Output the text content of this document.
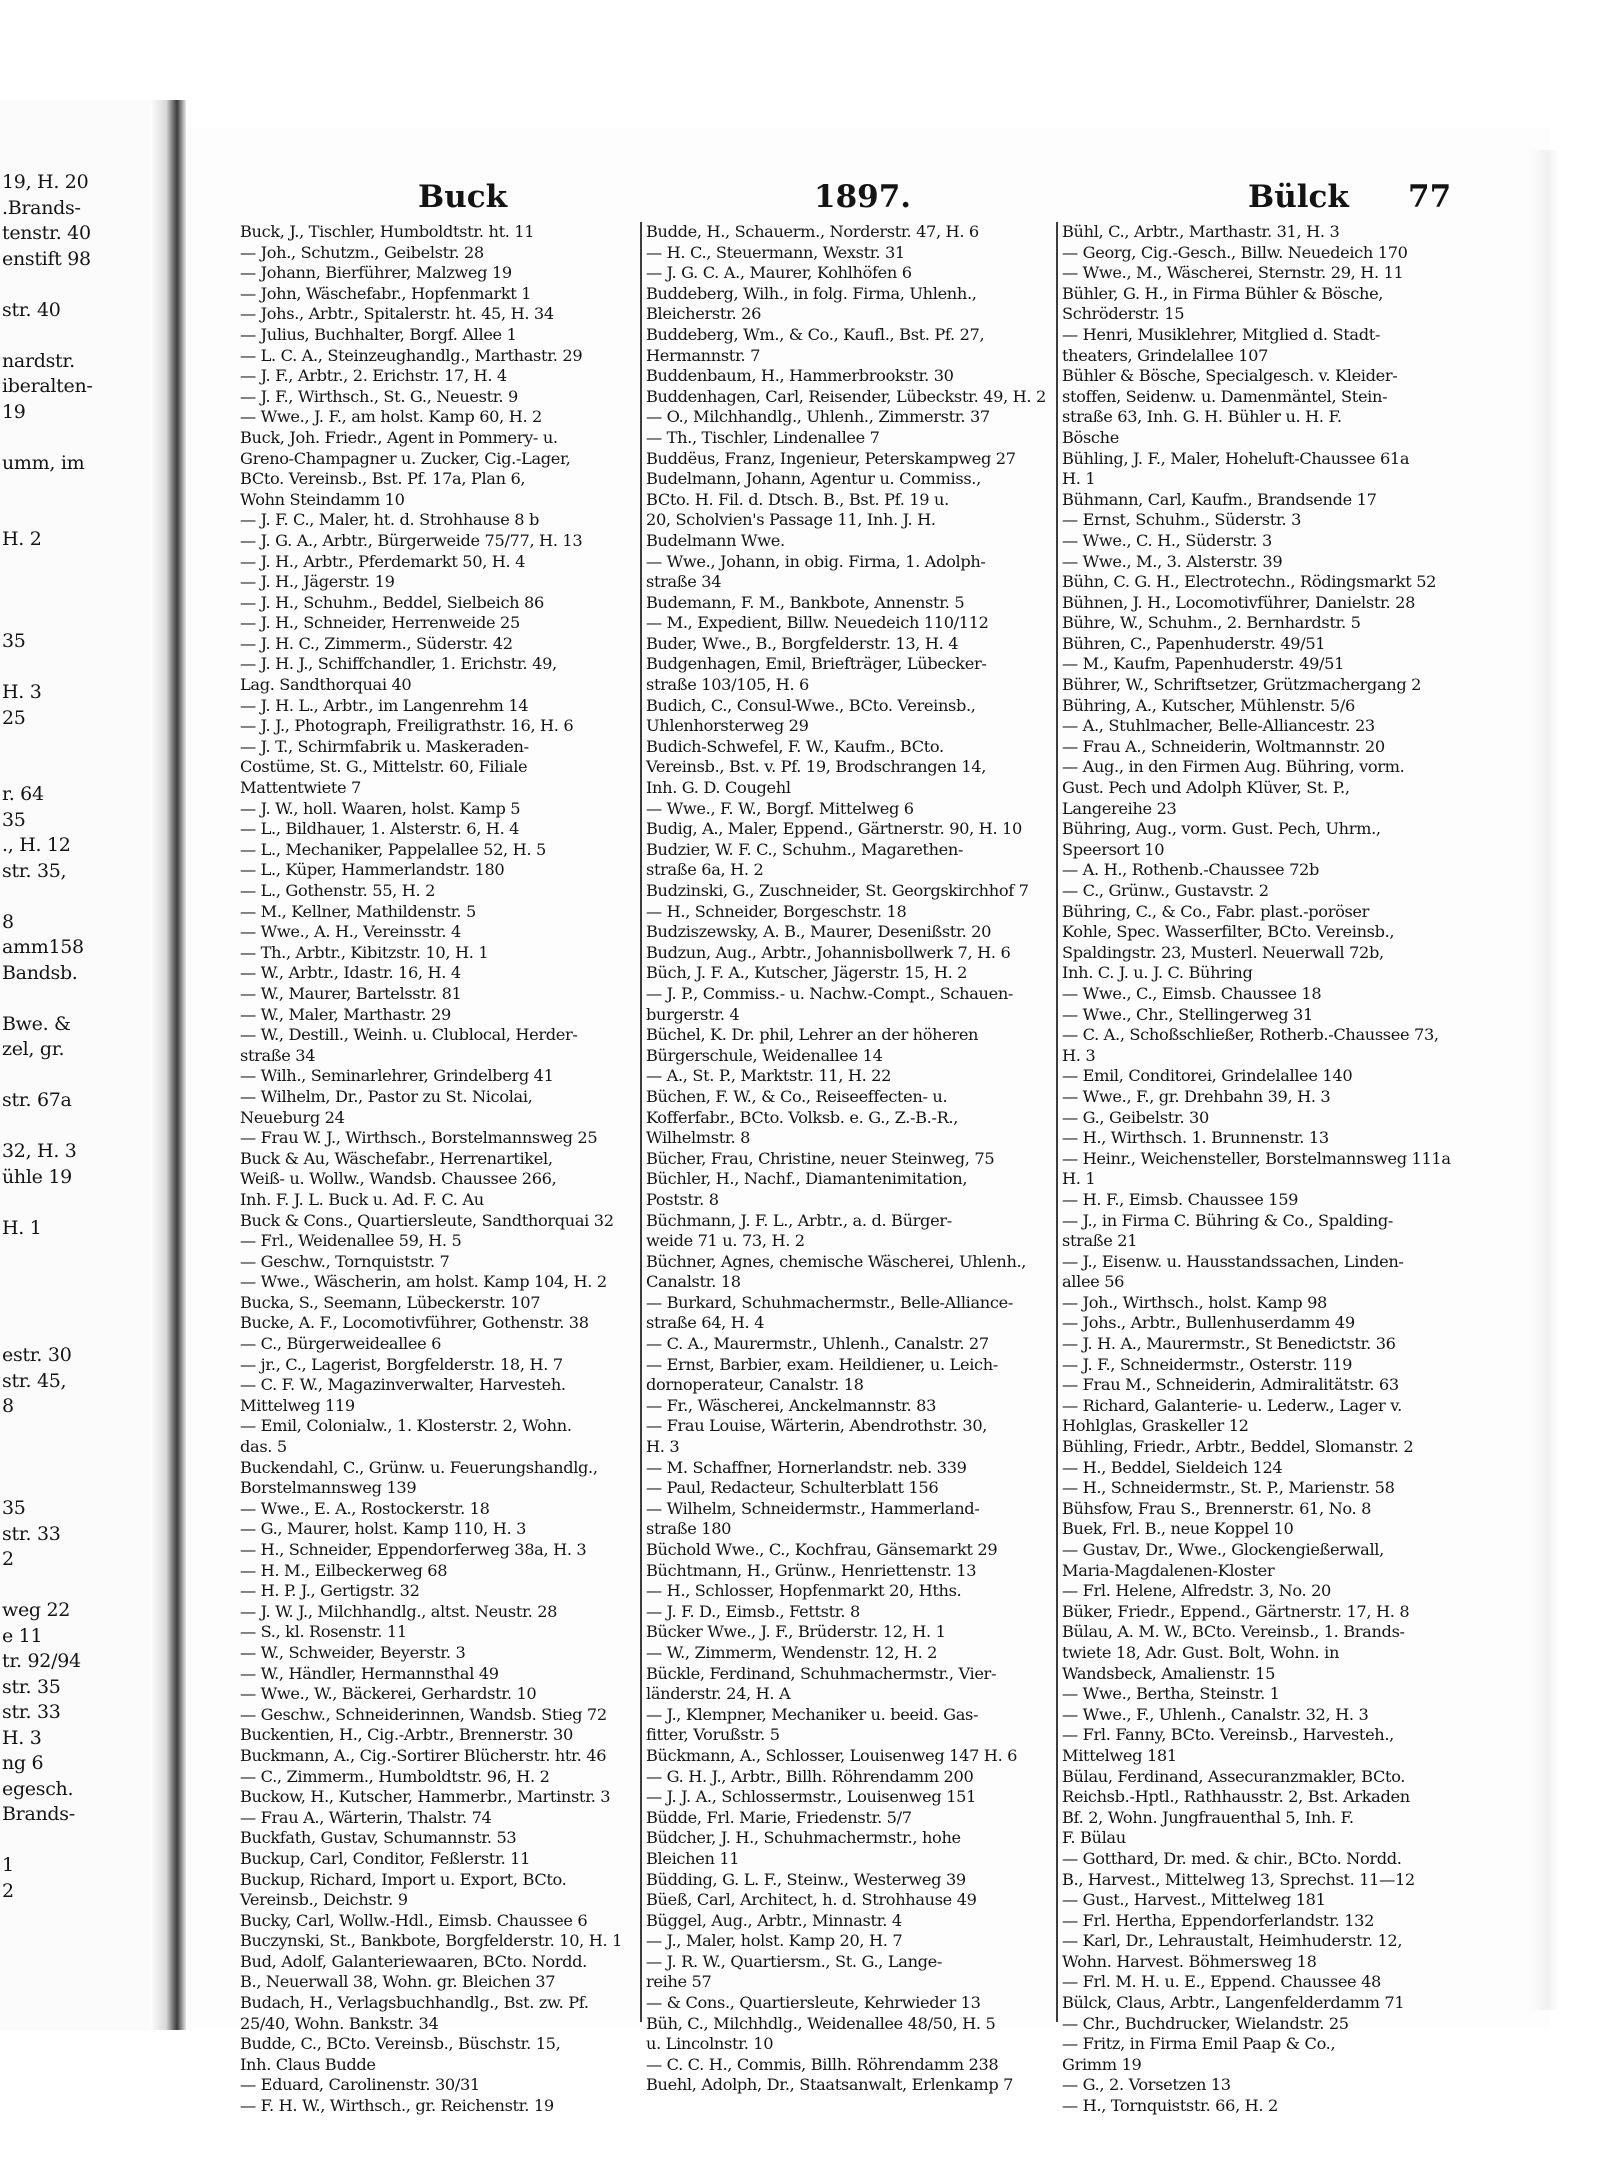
19, H. 20
.Brands-
tenstr. 40
enstift 98
str. 40
nardstr.
iberalten-
19
umm, im
H. 2
35
H. 3
25
r. 64
35
., H. 12
str. 35,
8
amm158
Bandsb.
Bwe. &
zel, gr.
str. 67a
32, H. 3
ühle 19
H. 1
estr. 30
str. 45,
8
35
str. 33
2
weg 22
e 11
tr. 92/94
str. 35
str. 33
H. 3
ng 6
egesch.
Brands-
1
2
Buck	1897.	Bülck 77
Buck, J., Tischler, Humboldtstr. ht. 11
— Joh., Schutzm., Geibelstr. 28
— Johann, Bierführer, Malzweg 19
— John, Wäschefabr., Hopfenmarkt 1
— Johs., Arbtr., Spitalerstr. ht. 45, H. 34
— Julius, Buchhalter, Borgf. Allee 1
— L. C. A., Steinzeughandlg., Marthastr. 29
— J. F., Arbtr., 2. Erichstr. 17, H. 4
— J. F., Wirthsch., St. G., Neuestr. 9
— Wwe., J. F., am holst. Kamp 60, H. 2
Buck, Joh. Friedr., Agent in Pommery- u.
Greno-Champagner u. Zucker, Cig.-Lager,
BCto. Vereinsb., Bst. Pf. 17a, Plan 6,
Wohn Steindamm 10
— J. F. C., Maler, ht. d. Strohhause 8 b
— J. G. A., Arbtr., Bürgerweide 75/77, H. 13
— J. H., Arbtr., Pferdemarkt 50, H. 4
— J. H., Jägerstr. 19
— J. H., Schuhm., Beddel, Sielbeich 86
— J. H., Schneider, Herrenweide 25
— J. H. C., Zimmerm., Süderstr. 42
— J. H. J., Schiffchandler, 1. Erichstr. 49,
Lag. Sandthorquai 40
— J. H. L., Arbtr., im Langenrehm 14
— J. J., Photograph, Freiligrathstr. 16, H. 6
— J. T., Schirmfabrik u. Maskeraden-
Costüme, St. G., Mittelstr. 60, Filiale
Mattentwiete 7
— J. W., holl. Waaren, holst. Kamp 5
— L., Bildhauer, 1. Alsterstr. 6, H. 4
— L., Mechaniker, Pappelallee 52, H. 5
— L., Küper, Hammerlandstr. 180
— L., Gothenstr. 55, H. 2
— M., Kellner, Mathildenstr. 5
— Wwe., A. H., Vereinsstr. 4
— Th., Arbtr., Kibitzstr. 10, H. 1
— W., Arbtr., Idastr. 16, H. 4
— W., Maurer, Bartelsstr. 81
— W., Maler, Marthastr. 29
— W., Destill., Weinh. u. Clublocal, Herder-
straße 34
— Wilh., Seminarlehrer, Grindelberg 41
— Wilhelm, Dr., Pastor zu St. Nicolai,
Neueburg 24
— Frau W. J., Wirthsch., Borstelmannsweg 25
Buck & Au, Wäschefabr., Herrenartikel,
Weiß- u. Wollw., Wandsb. Chaussee 266,
Inh. F. J. L. Buck u. Ad. F. C. Au
Buck & Cons., Quartiersleute, Sandthorquai 32
— Frl., Weidenallee 59, H. 5
— Geschw., Tornquiststr. 7
— Wwe., Wäscherin, am holst. Kamp 104, H. 2
Bucka, S., Seemann, Lübeckerstr. 107
Bucke, A. F., Locomotivführer, Gothenstr. 38
— C., Bürgerweideallee 6
— jr., C., Lagerist, Borgfelderstr. 18, H. 7
— C. F. W., Magazinverwalter, Harvesteh.
Mittelweg 119
— Emil, Colonialw., 1. Klosterstr. 2, Wohn.
das. 5
Buckendahl, C., Grünw. u. Feuerungshandlg.,
Borstelmannsweg 139
— Wwe., E. A., Rostockerstr. 18
— G., Maurer, holst. Kamp 110, H. 3
— H., Schneider, Eppendorferweg 38a, H. 3
— H. M., Eilbeckerweg 68
— H. P. J., Gertigstr. 32
— J. W. J., Milchhandlg., altst. Neustr. 28
— S., kl. Rosenstr. 11
— W., Schweider, Beyerstr. 3
— W., Händler, Hermannsthal 49
— Wwe., W., Bäckerei, Gerhardstr. 10
— Geschw., Schneiderinnen, Wandsb. Stieg 72
Buckentien, H., Cig.-Arbtr., Brennerstr. 30
Buckmann, A., Cig.-Sortirer Blücherstr. htr. 46
— C., Zimmerm., Humboldtstr. 96, H. 2
Buckow, H., Kutscher, Hammerbr., Martinstr. 3
— Frau A., Wärterin, Thalstr. 74
Buckfath, Gustav, Schumannstr. 53
Buckup, Carl, Conditor, Feßlerstr. 11
Buckup, Richard, Import u. Export, BCto.
Vereinsb., Deichstr. 9
Bucky, Carl, Wollw.-Hdl., Eimsb. Chaussee 6
Buczynski, St., Bankbote, Borgfelderstr. 10, H. 1
Bud, Adolf, Galanteriewaaren, BCto. Nordd.
B., Neuerwall 38, Wohn. gr. Bleichen 37
Budach, H., Verlagsbuchhandlg., Bst. zw. Pf.
25/40, Wohn. Bankstr. 34
Budde, C., BCto. Vereinsb., Büschstr. 15,
Inh. Claus Budde
— Eduard, Carolinenstr. 30/31
— F. H. W., Wirthsch., gr. Reichenstr. 19
Budde, H., Schauerm., Norderstr. 47, H. 6
— H. C., Steuermann, Wexstr. 31
— J. G. C. A., Maurer, Kohlhöfen 6
Buddeberg, Wilh., in folg. Firma, Uhlenh.,
Bleicherstr. 26
Buddeberg, Wm., & Co., Kaufl., Bst. Pf. 27,
Hermannstr. 7
Buddenbaum, H., Hammerbrookstr. 30
Buddenhagen, Carl, Reisender, Lübeckstr. 49, H. 2
— O., Milchhandlg., Uhlenh., Zimmerstr. 37
— Th., Tischler, Lindenallee 7
Buddëus, Franz, Ingenieur, Peterskampweg 27
Budelmann, Johann, Agentur u. Commiss.,
BCto. H. Fil. d. Dtsch. B., Bst. Pf. 19 u.
20, Scholvien's Passage 11, Inh. J. H.
Budelmann Wwe.
— Wwe., Johann, in obig. Firma, 1. Adolph-
straße 34
Budemann, F. M., Bankbote, Annenstr. 5
— M., Expedient, Billw. Neuedeich 110/112
Buder, Wwe., B., Borgfelderstr. 13, H. 4
Budgenhagen, Emil, Briefträger, Lübecker-
straße 103/105, H. 6
Budich, C., Consul-Wwe., BCto. Vereinsb.,
Uhlenhorsterweg 29
Budich-Schwefel, F. W., Kaufm., BCto.
Vereinsb., Bst. v. Pf. 19, Brodschrangen 14,
Inh. G. D. Cougehl
— Wwe., F. W., Borgf. Mittelweg 6
Budig, A., Maler, Eppend., Gärtnerstr. 90, H. 10
Budzier, W. F. C., Schuhm., Magarethen-
straße 6a, H. 2
Budzinski, G., Zuschneider, St. Georgskirchhof 7
— H., Schneider, Borgeschstr. 18
Budziszewsky, A. B., Maurer, Desenißstr. 20
Budzun, Aug., Arbtr., Johannisbollwerk 7, H. 6
Büch, J. F. A., Kutscher, Jägerstr. 15, H. 2
— J. P., Commiss.- u. Nachw.-Compt., Schauen-
burgerstr. 4
Büchel, K. Dr. phil, Lehrer an der höheren
Bürgerschule, Weidenallee 14
— A., St. P., Marktstr. 11, H. 22
Büchen, F. W., & Co., Reiseeffecten- u.
Kofferfabr., BCto. Volksb. e. G., Z.-B.-R.,
Wilhelmstr. 8
Bücher, Frau, Christine, neuer Steinweg, 75
Büchler, H., Nachf., Diamantenimitation,
Poststr. 8
Büchmann, J. F. L., Arbtr., a. d. Bürger-
weide 71 u. 73, H. 2
Büchner, Agnes, chemische Wäscherei, Uhlenh.,
Canalstr. 18
— Burkard, Schuhmachermstr., Belle-Alliance-
straße 64, H. 4
— C. A., Maurermstr., Uhlenh., Canalstr. 27
— Ernst, Barbier, exam. Heildiener, u. Leich-
dornoperateur, Canalstr. 18
— Fr., Wäscherei, Anckelmannstr. 83
— Frau Louise, Wärterin, Abendrothstr. 30,
H. 3
— M. Schaffner, Hornerlandstr. neb. 339
— Paul, Redacteur, Schulterblatt 156
— Wilhelm, Schneidermstr., Hammerland-
straße 180
Büchold Wwe., C., Kochfrau, Gänsemarkt 29
Büchtmann, H., Grünw., Henriettenstr. 13
— H., Schlosser, Hopfenmarkt 20, Hths.
— J. F. D., Eimsb., Fettstr. 8
Bücker Wwe., J. F., Brüderstr. 12, H. 1
— W., Zimmerm, Wendenstr. 12, H. 2
Bückle, Ferdinand, Schuhmachermstr., Vier-
länderstr. 24, H. A
— J., Klempner, Mechaniker u. beeid. Gas-
fitter, Vorußstr. 5
Bückmann, A., Schlosser, Louisenweg 147 H. 6
— G. H. J., Arbtr., Billh. Röhrendamm 200
— J. J. A., Schlossermstr., Louisenweg 151
Büdde, Frl. Marie, Friedenstr. 5/7
Büdcher, J. H., Schuhmachermstr., hohe
Bleichen 11
Büdding, G. L. F., Steinw., Westerweg 39
Büeß, Carl, Architect, h. d. Strohhause 49
Büggel, Aug., Arbtr., Minnastr. 4
— J., Maler, holst. Kamp 20, H. 7
— J. R. W., Quartiersm., St. G., Lange-
reihe 57
— & Cons., Quartiersleute, Kehrwieder 13
Büh, C., Milchhdlg., Weidenallee 48/50, H. 5
u. Lincolnstr. 10
— C. C. H., Commis, Billh. Röhrendamm 238
Buehl, Adolph, Dr., Staatsanwalt, Erlenkamp 7
Bühl, C., Arbtr., Marthastr. 31, H. 3
— Georg, Cig.-Gesch., Billw. Neuedeich 170
— Wwe., M., Wäscherei, Sternstr. 29, H. 11
Bühler, G. H., in Firma Bühler & Bösche,
Schröderstr. 15
— Henri, Musiklehrer, Mitglied d. Stadt-
theaters, Grindelallee 107
Bühler & Bösche, Specialgesch. v. Kleider-
stoffen, Seidenw. u. Damenmäntel, Stein-
straße 63, Inh. G. H. Bühler u. H. F.
Bösche
Bühling, J. F., Maler, Hoheluft-Chaussee 61a
H. 1
Bühmann, Carl, Kaufm., Brandsende 17
— Ernst, Schuhm., Süderstr. 3
— Wwe., C. H., Süderstr. 3
— Wwe., M., 3. Alsterstr. 39
Bühn, C. G. H., Electrotechn., Rödingsmarkt 52
Bühnen, J. H., Locomotivführer, Danielstr. 28
Bühre, W., Schuhm., 2. Bernhardstr. 5
Bühren, C., Papenhuderstr. 49/51
— M., Kaufm, Papenhuderstr. 49/51
Bührer, W., Schriftsetzer, Grützmachergang 2
Bühring, A., Kutscher, Mühlenstr. 5/6
— A., Stuhlmacher, Belle-Alliancestr. 23
— Frau A., Schneiderin, Woltmannstr. 20
— Aug., in den Firmen Aug. Bühring, vorm.
Gust. Pech und Adolph Klüver, St. P.,
Langereihe 23
Bühring, Aug., vorm. Gust. Pech, Uhrm.,
Speersort 10
— A. H., Rothenb.-Chaussee 72b
— C., Grünw., Gustavstr. 2
Bühring, C., & Co., Fabr. plast.-poröser
Kohle, Spec. Wasserfilter, BCto. Vereinsb.,
Spaldingstr. 23, Musterl. Neuerwall 72b,
Inh. C. J. u. J. C. Bühring
— Wwe., C., Eimsb. Chaussee 18
— Wwe., Chr., Stellingerweg 31
— C. A., Schoßschließer, Rotherb.-Chaussee 73,
H. 3
— Emil, Conditorei, Grindelallee 140
— Wwe., F., gr. Drehbahn 39, H. 3
— G., Geibelstr. 30
— H., Wirthsch. 1. Brunnenstr. 13
— Heinr., Weichensteller, Borstelmannsweg 111a
H. 1
— H. F., Eimsb. Chaussee 159
— J., in Firma C. Bühring & Co., Spalding-
straße 21
— J., Eisenw. u. Hausstandssachen, Linden-
allee 56
— Joh., Wirthsch., holst. Kamp 98
— Johs., Arbtr., Bullenhuserdamm 49
— J. H. A., Maurermstr., St Benedictstr. 36
— J. F., Schneidermstr., Osterstr. 119
— Frau M., Schneiderin, Admiralitätstr. 63
— Richard, Galanterie- u. Lederw., Lager v.
Hohlglas, Graskeller 12
Bühling, Friedr., Arbtr., Beddel, Slomanstr. 2
— H., Beddel, Sieldeich 124
— H., Schneidermstr., St. P., Marienstr. 58
Bühsfow, Frau S., Brennerstr. 61, No. 8
Buek, Frl. B., neue Koppel 10
— Gustav, Dr., Wwe., Glockengießerwall,
Maria-Magdalenen-Kloster
— Frl. Helene, Alfredstr. 3, No. 20
Büker, Friedr., Eppend., Gärtnerstr. 17, H. 8
Bülau, A. M. W., BCto. Vereinsb., 1. Brands-
twiete 18, Adr. Gust. Bolt, Wohn. in
Wandsbeck, Amalienstr. 15
— Wwe., Bertha, Steinstr. 1
— Wwe., F., Uhlenh., Canalstr. 32, H. 3
— Frl. Fanny, BCto. Vereinsb., Harvesteh.,
Mittelweg 181
Bülau, Ferdinand, Assecuranzmakler, BCto.
Reichsb.-Hptl., Rathhausstr. 2, Bst. Arkaden
Bf. 2, Wohn. Jungfrauenthal 5, Inh. F.
F. Bülau
— Gotthard, Dr. med. & chir., BCto. Nordd.
B., Harvest., Mittelweg 13, Sprechst. 11—12
— Gust., Harvest., Mittelweg 181
— Frl. Hertha, Eppendorferlandstr. 132
— Karl, Dr., Lehraustalt, Heimhuderstr. 12,
Wohn. Harvest. Böhmersweg 18
— Frl. M. H. u. E., Eppend. Chaussee 48
Bülck, Claus, Arbtr., Langenfelderdamm 71
— Chr., Buchdrucker, Wielandstr. 25
— Fritz, in Firma Emil Paap & Co.,
Grimm 19
— G., 2. Vorsetzen 13
— H., Tornquiststr. 66, H. 2
